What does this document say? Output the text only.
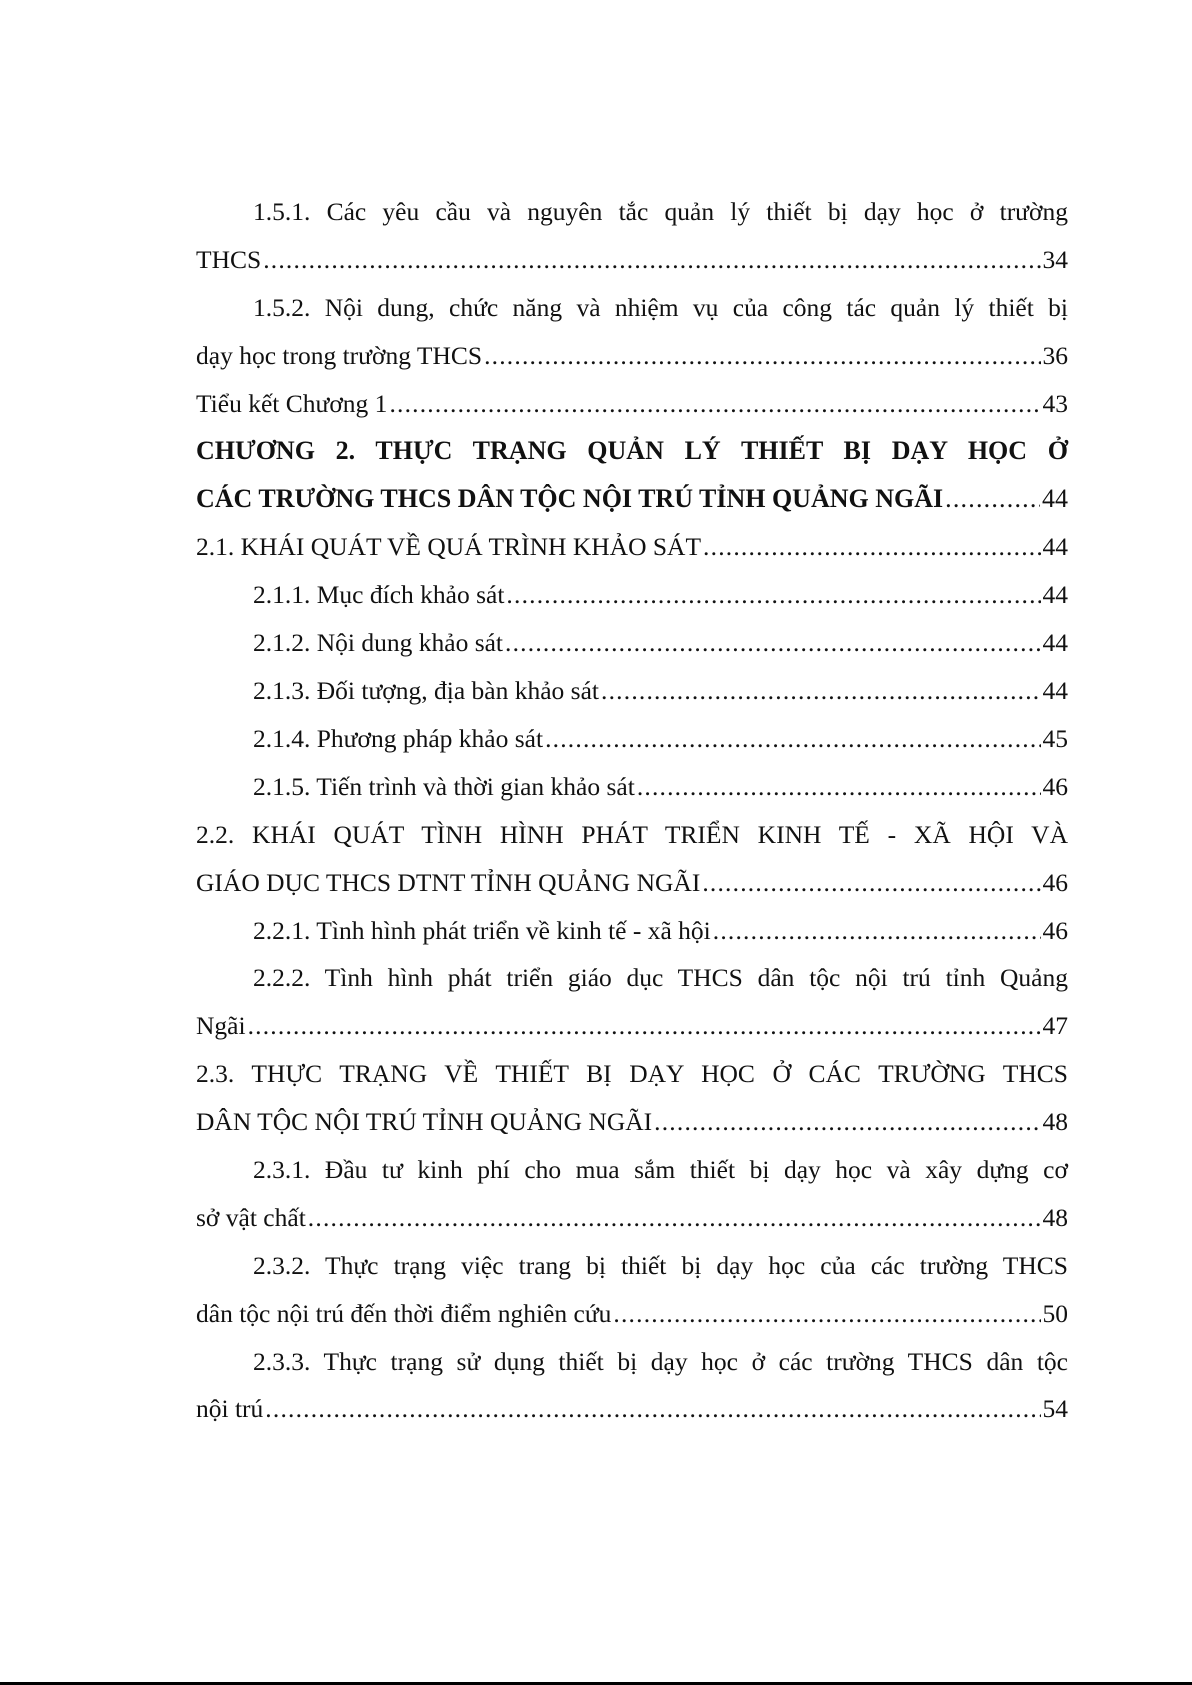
1.5.1. Các yêu cầu và nguyên tắc quản lý thiết bị dạy học ở trường
THCS .....	34
1.5.2. Nội dung, chức năng và nhiệm vụ của công tác quản lý thiết bị
dạy học trong trường THCS .....	36
Tiểu kết Chương 1 .....	43
CHƯƠNG 2. THỰC TRẠNG QUẢN LÝ THIẾT BỊ DẠY HỌC Ở
CÁC TRƯỜNG THCS DÂN TỘC NỘI TRÚ TỈNH QUẢNG NGÃI .....	44
2.1. KHÁI QUÁT VỀ QUÁ TRÌNH KHẢO SÁT .....	44
2.1.1. Mục đích khảo sát .....	44
2.1.2. Nội dung khảo sát .....	44
2.1.3. Đối tượng, địa bàn khảo sát .....	44
2.1.4. Phương pháp khảo sát .....	45
2.1.5. Tiến trình và thời gian khảo sát .....	46
2.2. KHÁI QUÁT TÌNH HÌNH PHÁT TRIỂN KINH TẾ - XÃ HỘI VÀ
GIÁO DỤC THCS DTNT TỈNH QUẢNG NGÃI .....	46
2.2.1. Tình hình phát triển về kinh tế - xã hội .....	46
2.2.2. Tình hình phát triển giáo dục THCS dân tộc nội trú tỉnh Quảng
Ngãi .....	47
2.3. THỰC TRẠNG VỀ THIẾT BỊ DẠY HỌC Ở CÁC TRƯỜNG THCS
DÂN TỘC NỘI TRÚ TỈNH QUẢNG NGÃI .....	48
2.3.1. Đầu tư kinh phí cho mua sắm thiết bị dạy học và xây dựng cơ
sở vật chất .....	48
2.3.2. Thực trạng việc trang bị thiết bị dạy học của các trường THCS
dân tộc nội trú đến thời điểm nghiên cứu .....	50
2.3.3. Thực trạng sử dụng thiết bị dạy học ở các trường THCS dân tộc
nội trú .....	54
